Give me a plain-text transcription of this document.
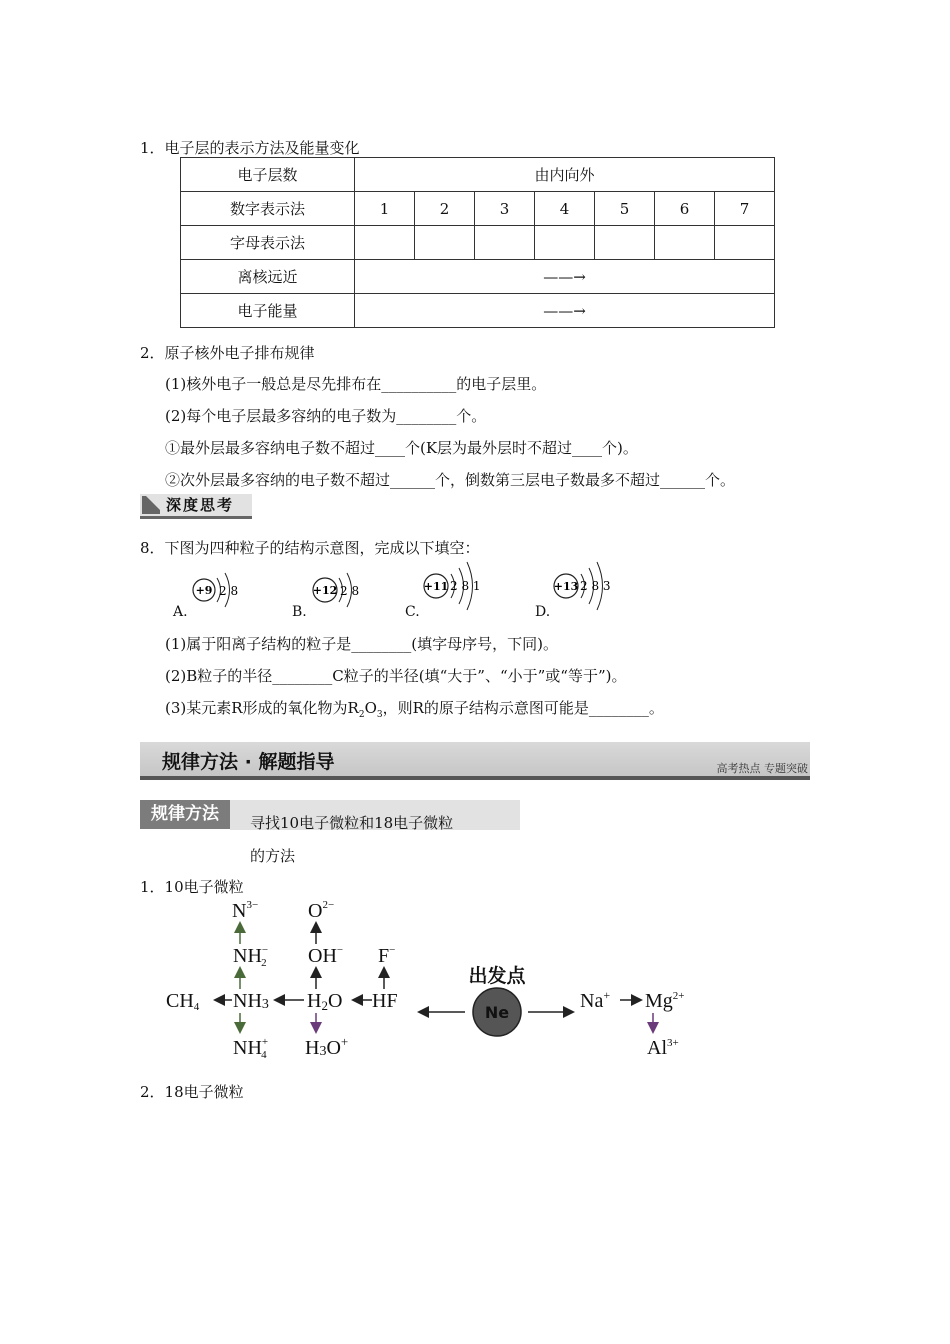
1．电子层的表示方法及能量变化
电子层数	由内向外						
数字表示法	1	2	3	4	5	6	7
字母表示法							
离核远近	——→						
电子能量	——→						
2．原子核外电子排布规律
(1)核外电子一般总是尽先排布在__________的电子层里。
(2)每个电子层最多容纳的电子数为________个。
①最外层最多容纳电子数不超过____个(K层为最外层时不超过____个)。
②次外层最多容纳的电子数不超过______个，倒数第三层电子数最多不超过______个。
深度思考
8．下图为四种粒子的结构示意图，完成以下填空：
+9 2 8
A.
+12 2 8
B.
+11 2 8 1
C.
+13 2 8 3
D.
(1)属于阳离子结构的粒子是________(填字母序号，下同)。
(2)B粒子的半径________C粒子的半径(填“大于”、“小于”或“等于”)。
(3)某元素R形成的氧化物为$R_2O_3$，则R的原子结构示意图可能是________。
规律方法 · 解题指导	高考热点 专题突破
规律方法	寻找10电子微粒和18电子微粒
的方法
1．10电子微粒
$N^{3-}$ $O^{2-}$
NH− 2 OH− F−
CH4 NH3 H2O HF
NH+ 4 H3O+
Na+ $Mg^{2+}$
$Al^{3+}$
Ne
出发点
2．18电子微粒
